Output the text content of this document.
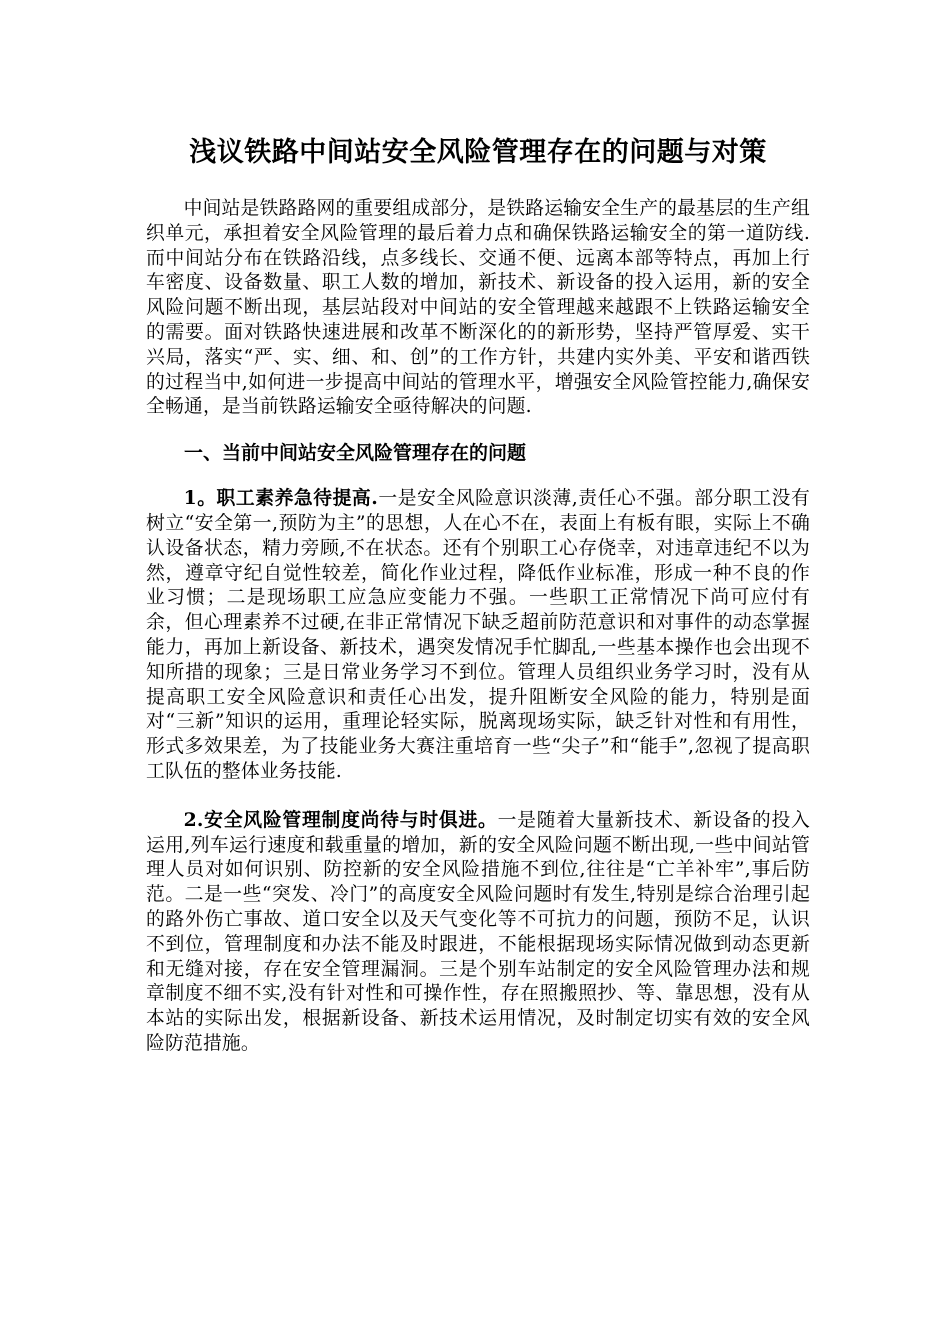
浅议铁路中间站安全风险管理存在的问题与对策

中间站是铁路路网的重要组成部分，是铁路运输安全生产的最基层的生产组织单元，承担着安全风险管理的最后着力点和确保铁路运输安全的第一道防线.而中间站分布在铁路沿线，点多线长、交通不便、远离本部等特点，再加上行车密度、设备数量、职工人数的增加，新技术、新设备的投入运用，新的安全风险问题不断出现，基层站段对中间站的安全管理越来越跟不上铁路运输安全的需要。面对铁路快速进展和改革不断深化的的新形势，坚持严管厚爱、实干兴局，落实“严、实、细、和、创”的工作方针，共建内实外美、平安和谐西铁的过程当中,如何进一步提高中间站的管理水平，增强安全风险管控能力,确保安全畅通，是当前铁路运输安全亟待解决的问题.

一、当前中间站安全风险管理存在的问题

1。职工素养急待提高.一是安全风险意识淡薄,责任心不强。部分职工没有树立“安全第一,预防为主”的思想，人在心不在，表面上有板有眼，实际上不确认设备状态，精力旁顾,不在状态。还有个别职工心存侥幸，对违章违纪不以为然，遵章守纪自觉性较差，简化作业过程，降低作业标准，形成一种不良的作业习惯；二是现场职工应急应变能力不强。一些职工正常情况下尚可应付有余，但心理素养不过硬,在非正常情况下缺乏超前防范意识和对事件的动态掌握能力，再加上新设备、新技术，遇突发情况手忙脚乱,一些基本操作也会出现不知所措的现象；三是日常业务学习不到位。管理人员组织业务学习时，没有从提高职工安全风险意识和责任心出发，提升阻断安全风险的能力，特别是面对“三新”知识的运用，重理论轻实际，脱离现场实际，缺乏针对性和有用性，形式多效果差，为了技能业务大赛注重培育一些“尖子”和“能手”,忽视了提高职工队伍的整体业务技能.

2.安全风险管理制度尚待与时俱进。一是随着大量新技术、新设备的投入运用,列车运行速度和载重量的增加，新的安全风险问题不断出现,一些中间站管理人员对如何识别、防控新的安全风险措施不到位,往往是“亡羊补牢”,事后防范。二是一些“突发、冷门”的高度安全风险问题时有发生,特别是综合治理引起的路外伤亡事故、道口安全以及天气变化等不可抗力的问题，预防不足，认识不到位，管理制度和办法不能及时跟进，不能根据现场实际情况做到动态更新和无缝对接，存在安全管理漏洞。三是个别车站制定的安全风险管理办法和规章制度不细不实,没有针对性和可操作性，存在照搬照抄、等、靠思想，没有从本站的实际出发，根据新设备、新技术运用情况，及时制定切实有效的安全风险防范措施。
